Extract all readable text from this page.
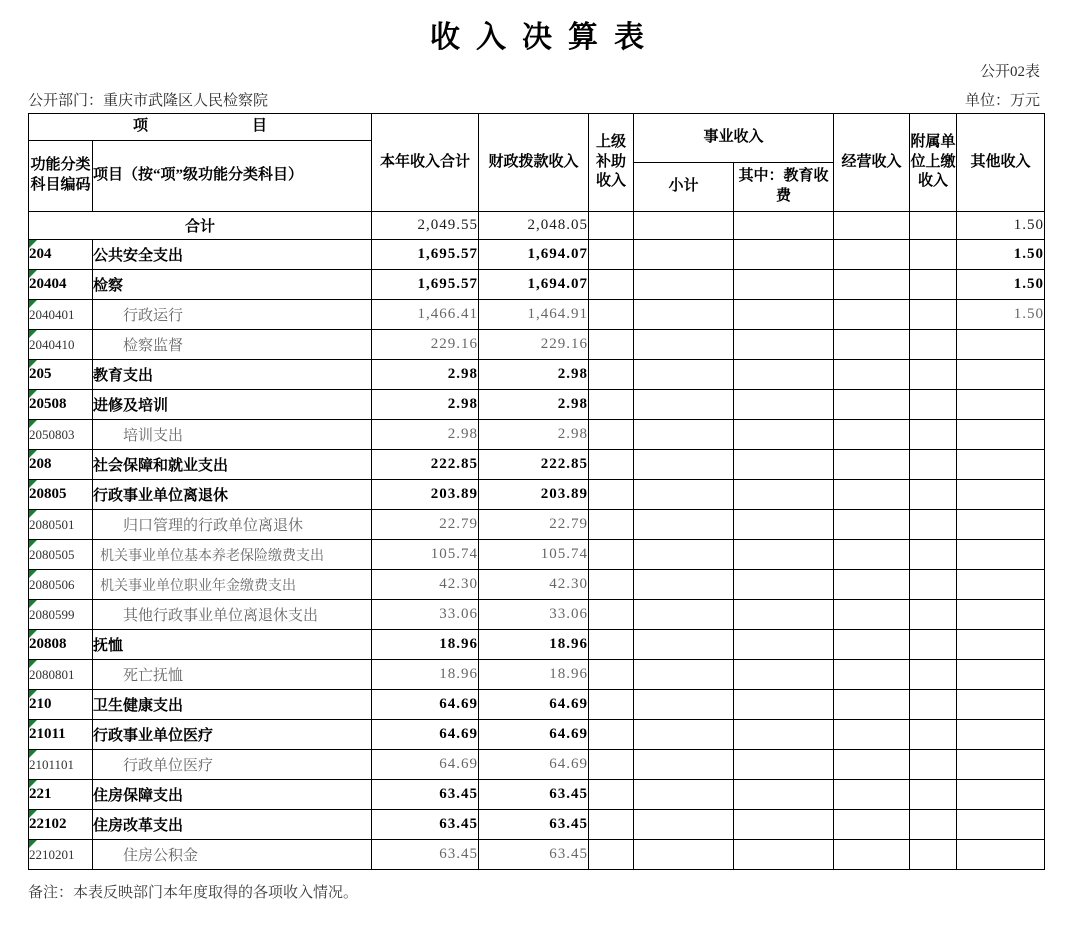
收入决算表
公开02表
公开部门：重庆市武隆区人民检察院	单位：万元
项 目		本年收入合计	财政拨款收入	上级补助收入	事业收入		经营收入	附属单位上缴收入	其他收入
功能分类科目编码	项目（按“项”级功能分类科目）								
					小计	其中：教育收费			
合计		2,049.55	2,048.05						1.50

204	公共安全支出	1,695.57	1,694.07						1.50

20404	检察	1,695.57	1,694.07						1.50

2040401	行政运行	1,466.41	1,464.91						1.50

2040410	检察监督	229.16	229.16						

205	教育支出	2.98	2.98						

20508	进修及培训	2.98	2.98						

2050803	培训支出	2.98	2.98						

208	社会保障和就业支出	222.85	222.85						

20805	行政事业单位离退休	203.89	203.89						

2080501	归口管理的行政单位离退休	22.79	22.79						

2080505	机关事业单位基本养老保险缴费支出	105.74	105.74						

2080506	机关事业单位职业年金缴费支出	42.30	42.30						

2080599	其他行政事业单位离退休支出	33.06	33.06						

20808	抚恤	18.96	18.96						

2080801	死亡抚恤	18.96	18.96						

210	卫生健康支出	64.69	64.69						

21011	行政事业单位医疗	64.69	64.69						

2101101	行政单位医疗	64.69	64.69						

221	住房保障支出	63.45	63.45						

22102	住房改革支出	63.45	63.45						

2210201	住房公积金	63.45	63.45						
备注：本表反映部门本年度取得的各项收入情况。
